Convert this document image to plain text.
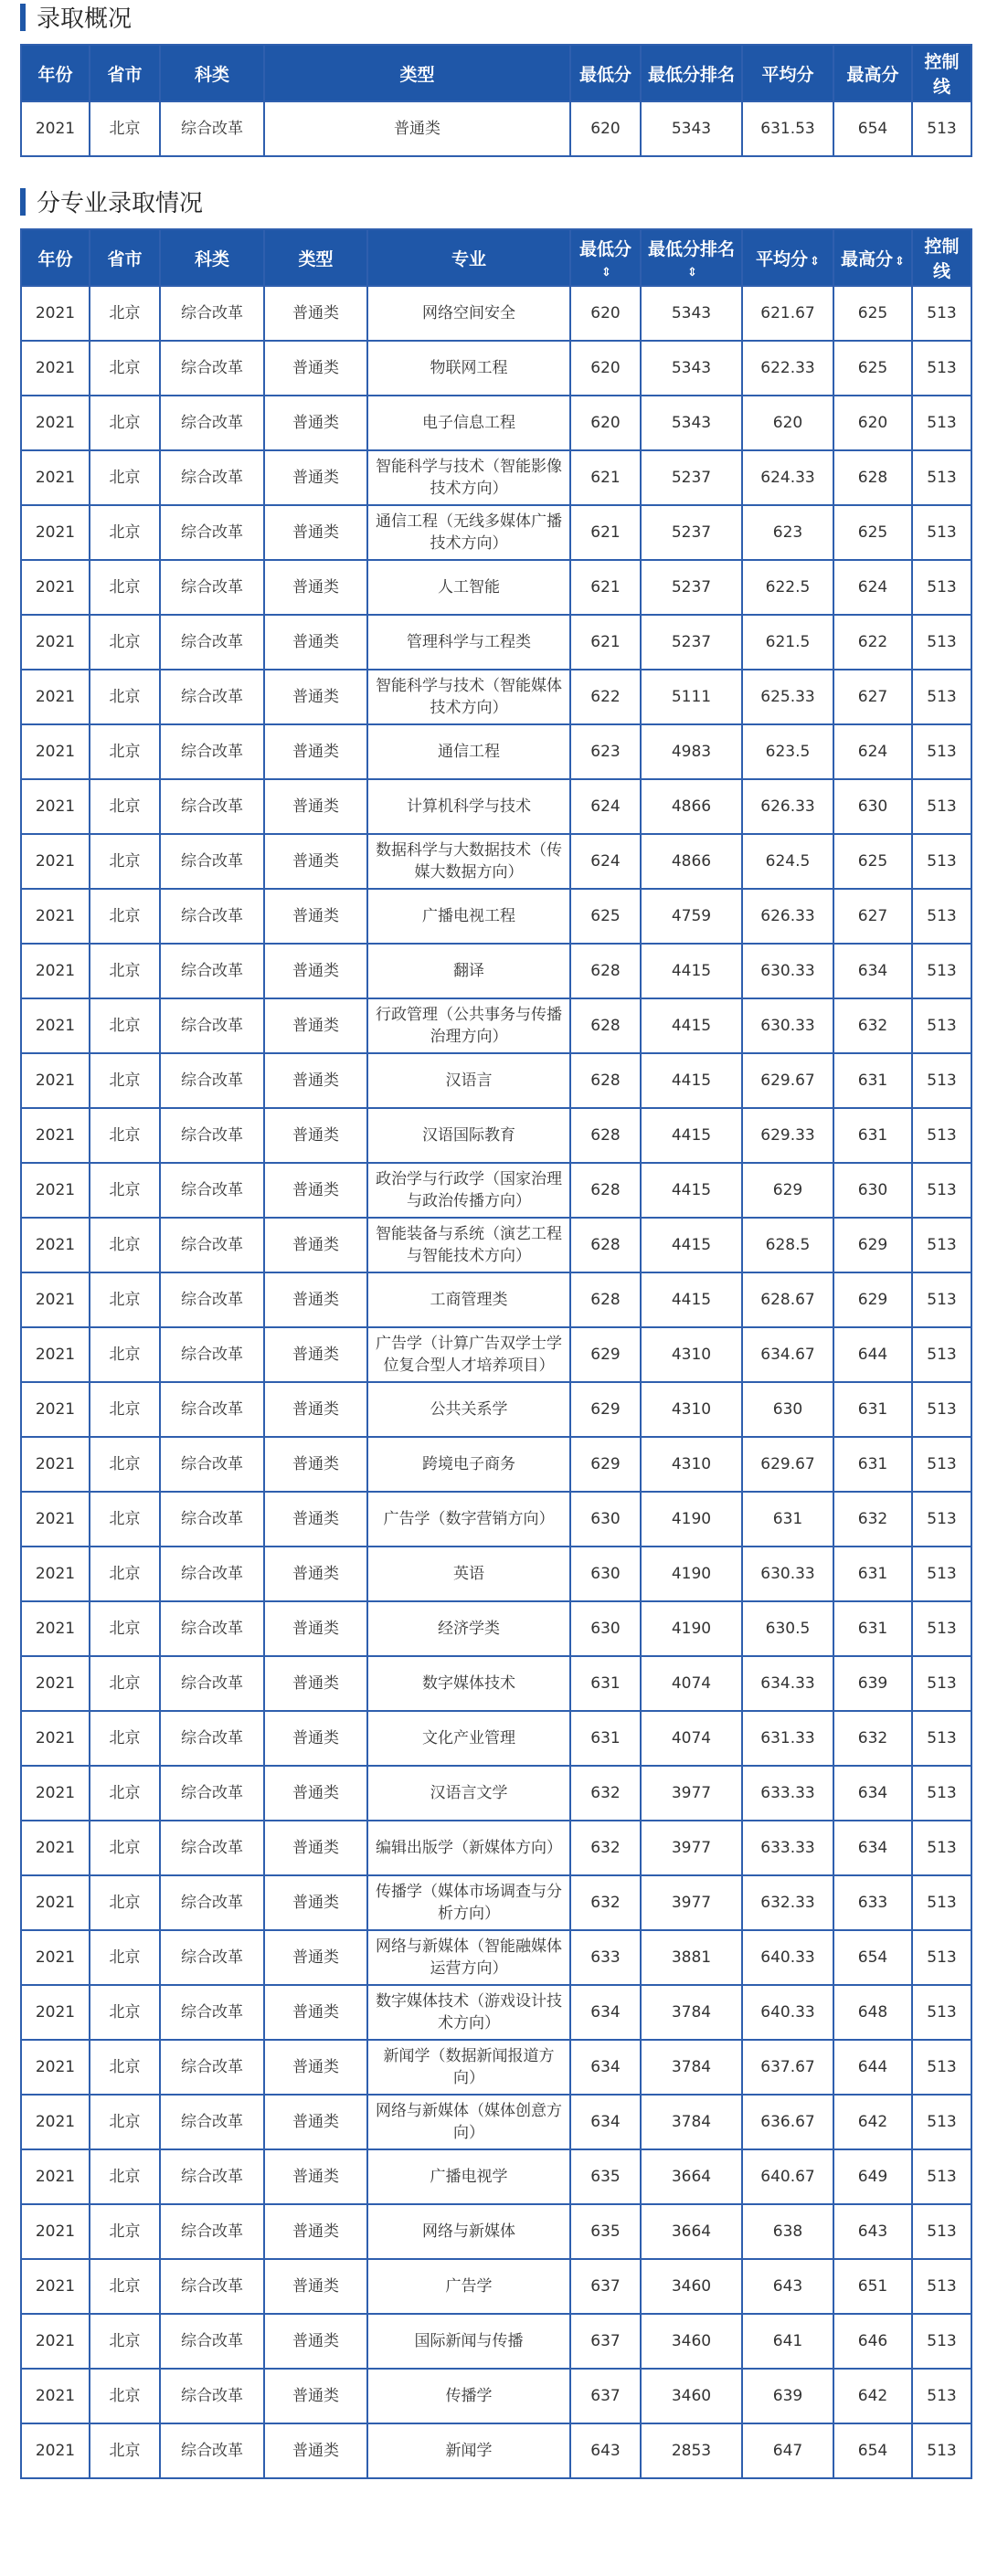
录取概况
年份	省市	科类	类型	最低分	最低分排名	平均分	最高分	控制线
2021	北京	综合改革	普通类	620	5343	631.53	654	513
分专业录取情况
年份	省市	科类	类型	专业	最低分⇕	最低分排名⇕	平均分 ⇕	最高分 ⇕	控制线
2021	北京	综合改革	普通类	网络空间安全	620	5343	621.67	625	513
2021	北京	综合改革	普通类	物联网工程	620	5343	622.33	625	513
2021	北京	综合改革	普通类	电子信息工程	620	5343	620	620	513
2021	北京	综合改革	普通类	智能科学与技术（智能影像技术方向）	621	5237	624.33	628	513
2021	北京	综合改革	普通类	通信工程（无线多媒体广播技术方向）	621	5237	623	625	513
2021	北京	综合改革	普通类	人工智能	621	5237	622.5	624	513
2021	北京	综合改革	普通类	管理科学与工程类	621	5237	621.5	622	513
2021	北京	综合改革	普通类	智能科学与技术（智能媒体技术方向）	622	5111	625.33	627	513
2021	北京	综合改革	普通类	通信工程	623	4983	623.5	624	513
2021	北京	综合改革	普通类	计算机科学与技术	624	4866	626.33	630	513
2021	北京	综合改革	普通类	数据科学与大数据技术（传媒大数据方向）	624	4866	624.5	625	513
2021	北京	综合改革	普通类	广播电视工程	625	4759	626.33	627	513
2021	北京	综合改革	普通类	翻译	628	4415	630.33	634	513
2021	北京	综合改革	普通类	行政管理（公共事务与传播治理方向）	628	4415	630.33	632	513
2021	北京	综合改革	普通类	汉语言	628	4415	629.67	631	513
2021	北京	综合改革	普通类	汉语国际教育	628	4415	629.33	631	513
2021	北京	综合改革	普通类	政治学与行政学（国家治理与政治传播方向）	628	4415	629	630	513
2021	北京	综合改革	普通类	智能装备与系统（演艺工程与智能技术方向）	628	4415	628.5	629	513
2021	北京	综合改革	普通类	工商管理类	628	4415	628.67	629	513
2021	北京	综合改革	普通类	广告学（计算广告双学士学位复合型人才培养项目）	629	4310	634.67	644	513
2021	北京	综合改革	普通类	公共关系学	629	4310	630	631	513
2021	北京	综合改革	普通类	跨境电子商务	629	4310	629.67	631	513
2021	北京	综合改革	普通类	广告学（数字营销方向）	630	4190	631	632	513
2021	北京	综合改革	普通类	英语	630	4190	630.33	631	513
2021	北京	综合改革	普通类	经济学类	630	4190	630.5	631	513
2021	北京	综合改革	普通类	数字媒体技术	631	4074	634.33	639	513
2021	北京	综合改革	普通类	文化产业管理	631	4074	631.33	632	513
2021	北京	综合改革	普通类	汉语言文学	632	3977	633.33	634	513
2021	北京	综合改革	普通类	编辑出版学（新媒体方向）	632	3977	633.33	634	513
2021	北京	综合改革	普通类	传播学（媒体市场调查与分析方向）	632	3977	632.33	633	513
2021	北京	综合改革	普通类	网络与新媒体（智能融媒体运营方向）	633	3881	640.33	654	513
2021	北京	综合改革	普通类	数字媒体技术（游戏设计技术方向）	634	3784	640.33	648	513
2021	北京	综合改革	普通类	新闻学（数据新闻报道方向）	634	3784	637.67	644	513
2021	北京	综合改革	普通类	网络与新媒体（媒体创意方向）	634	3784	636.67	642	513
2021	北京	综合改革	普通类	广播电视学	635	3664	640.67	649	513
2021	北京	综合改革	普通类	网络与新媒体	635	3664	638	643	513
2021	北京	综合改革	普通类	广告学	637	3460	643	651	513
2021	北京	综合改革	普通类	国际新闻与传播	637	3460	641	646	513
2021	北京	综合改革	普通类	传播学	637	3460	639	642	513
2021	北京	综合改革	普通类	新闻学	643	2853	647	654	513
